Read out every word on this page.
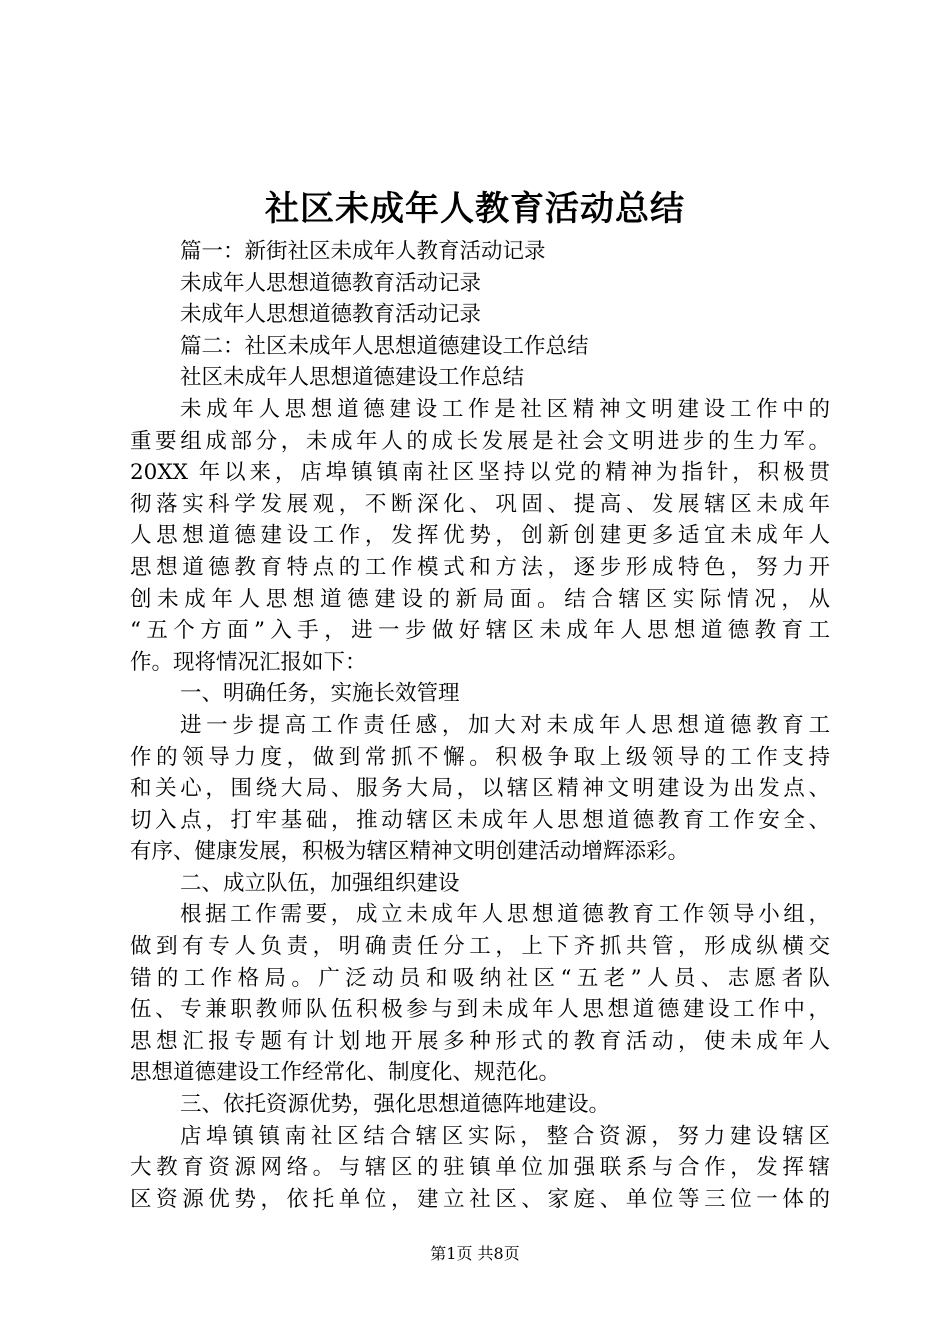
社区未成年人教育活动总结
篇一：新街社区未成年人教育活动记录
未成年人思想道德教育活动记录
未成年人思想道德教育活动记录
篇二：社区未成年人思想道德建设工作总结
社区未成年人思想道德建设工作总结
未成年人思想道德建设工作是社区精神文明建设工作中的
重要组成部分，未成年人的成长发展是社会文明进步的生力军。
20XX 年以来，店埠镇镇南社区坚持以党的精神为指针，积极贯
彻落实科学发展观，不断深化、巩固、提高、发展辖区未成年
人思想道德建设工作，发挥优势，创新创建更多适宜未成年人
思想道德教育特点的工作模式和方法，逐步形成特色，努力开
创未成年人思想道德建设的新局面。结合辖区实际情况，从
“五个方面”入手，进一步做好辖区未成年人思想道德教育工
作。现将情况汇报如下：
一、明确任务，实施长效管理
进一步提高工作责任感，加大对未成年人思想道德教育工
作的领导力度，做到常抓不懈。积极争取上级领导的工作支持
和关心，围绕大局、服务大局，以辖区精神文明建设为出发点、
切入点，打牢基础，推动辖区未成年人思想道德教育工作安全、
有序、健康发展，积极为辖区精神文明创建活动增辉添彩。
二、成立队伍，加强组织建设
根据工作需要，成立未成年人思想道德教育工作领导小组，
做到有专人负责，明确责任分工，上下齐抓共管，形成纵横交
错的工作格局。广泛动员和吸纳社区“五老”人员、志愿者队
伍、专兼职教师队伍积极参与到未成年人思想道德建设工作中，
思想汇报专题有计划地开展多种形式的教育活动，使未成年人
思想道德建设工作经常化、制度化、规范化。
三、依托资源优势，强化思想道德阵地建设。
店埠镇镇南社区结合辖区实际，整合资源，努力建设辖区
大教育资源网络。与辖区的驻镇单位加强联系与合作，发挥辖
区资源优势，依托单位，建立社区、家庭、单位等三位一体的
第1页 共8页
